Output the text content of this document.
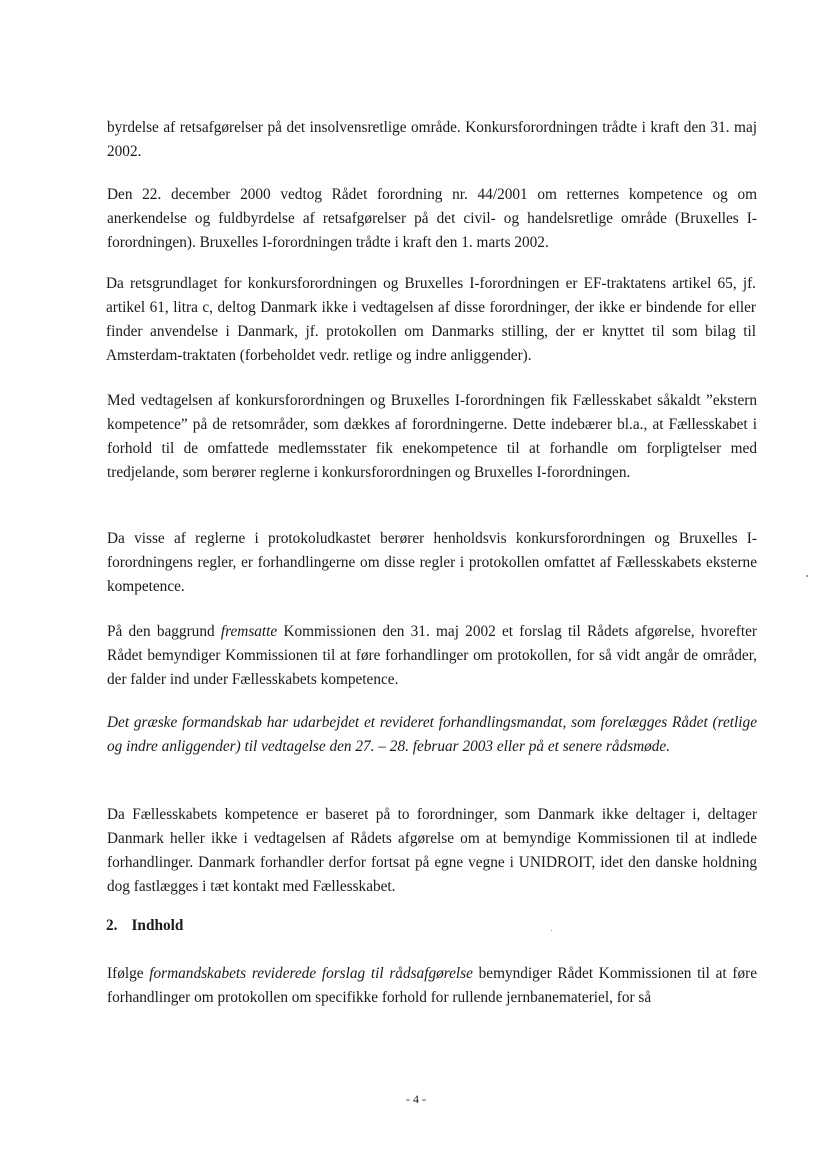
byrdelse af retsafgørelser på det insolvensretlige område. Konkursforordningen trådte i kraft den 31. maj 2002.

Den 22. december 2000 vedtog Rådet forordning nr. 44/2001 om retternes kompetence og om anerkendelse og fuldbyrdelse af retsafgørelser på det civil- og handelsretlige område (Bruxelles I-forordningen). Bruxelles I-forordningen trådte i kraft den 1. marts 2002.

Da retsgrundlaget for konkursforordningen og Bruxelles I-forordningen er EF-traktatens artikel 65, jf. artikel 61, litra c, deltog Danmark ikke i vedtagelsen af disse forordninger, der ikke er bindende for eller finder anvendelse i Danmark, jf. protokollen om Danmarks stilling, der er knyttet til som bilag til Amsterdam-traktaten (forbeholdet vedr. retlige og indre anliggender).

Med vedtagelsen af konkursforordningen og Bruxelles I-forordningen fik Fællesskabet såkaldt ”ekstern kompetence” på de retsområder, som dækkes af forordningerne. Dette indebærer bl.a., at Fællesskabet i forhold til de omfattede medlemsstater fik enekompetence til at forhandle om forpligtelser med tredjelande, som berører reglerne i konkursforordningen og Bruxelles I-forordningen.

Da visse af reglerne i protokoludkastet berører henholdsvis konkursforordningen og Bruxelles I-forordningens regler, er forhandlingerne om disse regler i protokollen omfattet af Fællesskabets eksterne kompetence.

På den baggrund fremsatte Kommissionen den 31. maj 2002 et forslag til Rådets afgørelse, hvorefter Rådet bemyndiger Kommissionen til at føre forhandlinger om protokollen, for så vidt angår de områder, der falder ind under Fællesskabets kompetence.

Det græske formandskab har udarbejdet et revideret forhandlingsmandat, som forelægges Rådet (retlige og indre anliggender) til vedtagelse den 27. – 28. februar 2003 eller på et senere rådsmøde.

Da Fællesskabets kompetence er baseret på to forordninger, som Danmark ikke deltager i, deltager Danmark heller ikke i vedtagelsen af Rådets afgørelse om at bemyndige Kommissionen til at indlede forhandlinger. Danmark forhandler derfor fortsat på egne vegne i UNIDROIT, idet den danske holdning dog fastlægges i tæt kontakt med Fællesskabet.

2. Indhold

Ifølge formandskabets reviderede forslag til rådsafgørelse bemyndiger Rådet Kommissionen til at føre forhandlinger om protokollen om specifikke forhold for rullende jernbanemateriel, for så

- 4 -
